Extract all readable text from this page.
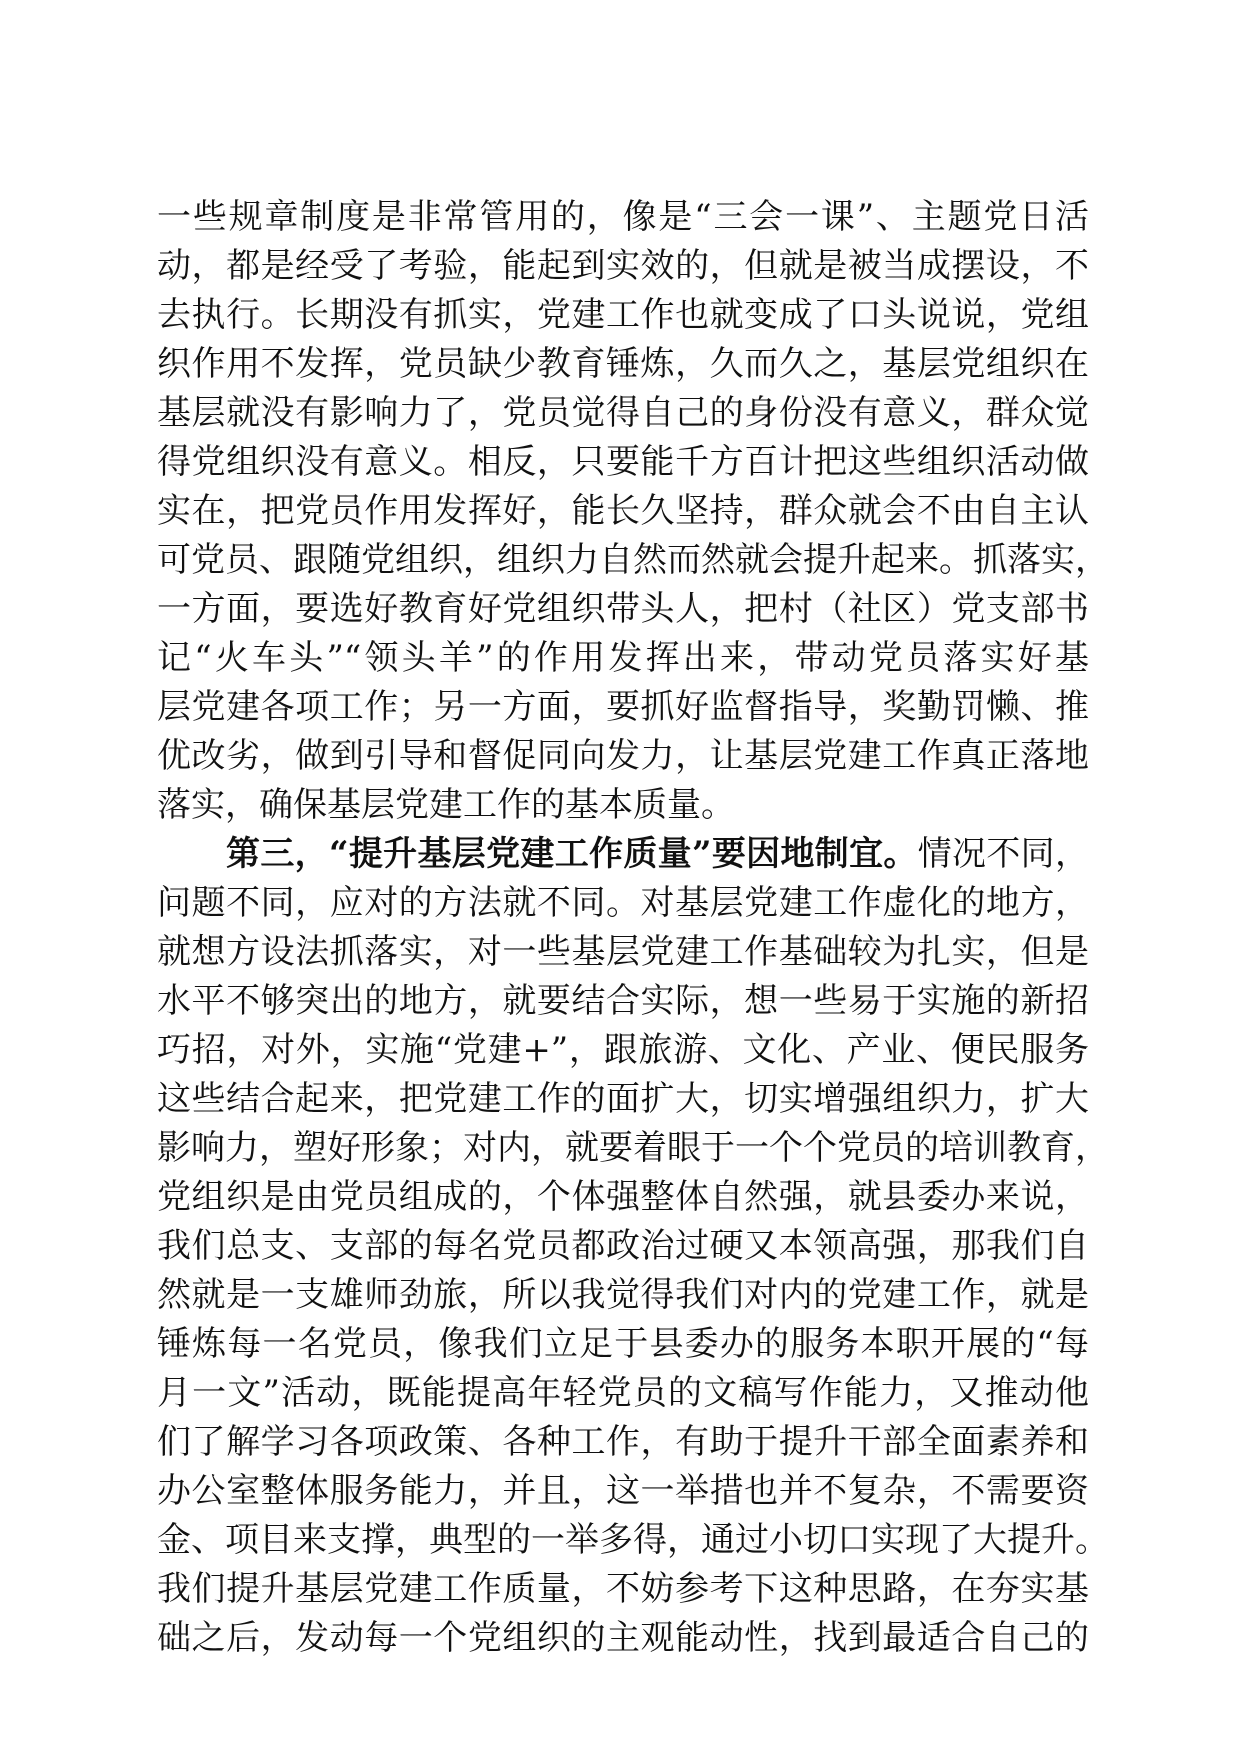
一些规章制度是非常管用的，像是“三会一课”、主题党日活
动，都是经受了考验，能起到实效的，但就是被当成摆设，不
去执行。长期没有抓实，党建工作也就变成了口头说说，党组
织作用不发挥，党员缺少教育锤炼，久而久之，基层党组织在
基层就没有影响力了，党员觉得自己的身份没有意义，群众觉
得党组织没有意义。相反，只要能千方百计把这些组织活动做
实在，把党员作用发挥好，能长久坚持，群众就会不由自主认
可党员、跟随党组织，组织力自然而然就会提升起来。抓落实，
一方面，要选好教育好党组织带头人，把村（社区）党支部书
记“火车头”“领头羊”的作用发挥出来，带动党员落实好基
层党建各项工作；另一方面，要抓好监督指导，奖勤罚懒、推
优改劣，做到引导和督促同向发力，让基层党建工作真正落地
落实，确保基层党建工作的基本质量。
第三，“提升基层党建工作质量”要因地制宜。情况不同，
问题不同，应对的方法就不同。对基层党建工作虚化的地方，
就想方设法抓落实，对一些基层党建工作基础较为扎实，但是
水平不够突出的地方，就要结合实际，想一些易于实施的新招
巧招，对外，实施“党建+”，跟旅游、文化、产业、便民服务
这些结合起来，把党建工作的面扩大，切实增强组织力，扩大
影响力，塑好形象；对内，就要着眼于一个个党员的培训教育，
党组织是由党员组成的，个体强整体自然强，就县委办来说，
我们总支、支部的每名党员都政治过硬又本领高强，那我们自
然就是一支雄师劲旅，所以我觉得我们对内的党建工作，就是
锤炼每一名党员，像我们立足于县委办的服务本职开展的“每
月一文”活动，既能提高年轻党员的文稿写作能力，又推动他
们了解学习各项政策、各种工作，有助于提升干部全面素养和
办公室整体服务能力，并且，这一举措也并不复杂，不需要资
金、项目来支撑，典型的一举多得，通过小切口实现了大提升。
我们提升基层党建工作质量，不妨参考下这种思路，在夯实基
础之后，发动每一个党组织的主观能动性，找到最适合自己的
